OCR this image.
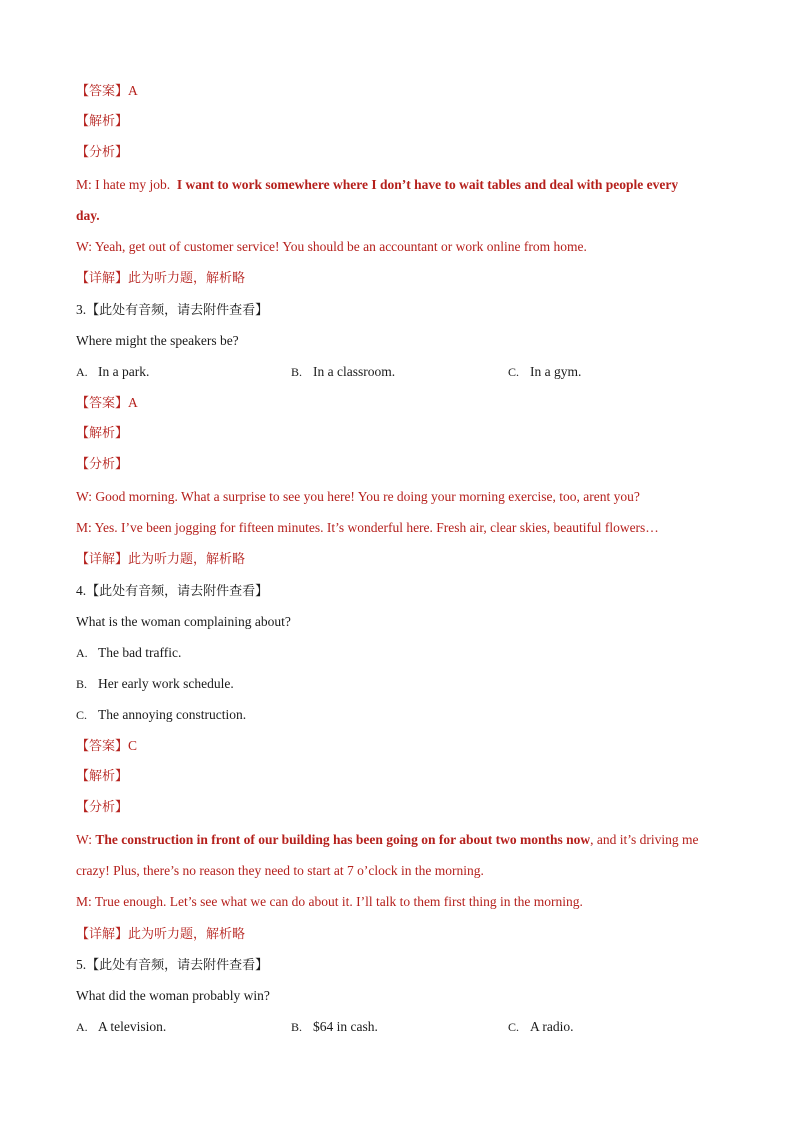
【答案】A
【解析】
【分析】
M: I hate my job. I want to work somewhere where I don’t have to wait tables and deal with people every
day.
W: Yeah, get out of customer service! You should be an accountant or work online from home.
【详解】此为听力题，解析略
3.【此处有音频，请去附件查看】
Where might the speakers be?
A. In a park.	B. In a classroom.	C. In a gym.
【答案】A
【解析】
【分析】
W: Good morning. What a surprise to see you here! You re doing your morning exercise, too, arent you?
M: Yes. I’ve been jogging for fifteen minutes. It’s wonderful here. Fresh air, clear skies, beautiful flowers…
【详解】此为听力题，解析略
4.【此处有音频，请去附件查看】
What is the woman complaining about?
A. The bad traffic.
B. Her early work schedule.
C. The annoying construction.
【答案】C
【解析】
【分析】
W: The construction in front of our building has been going on for about two months now, and it’s driving me
crazy! Plus, there’s no reason they need to start at 7 o’clock in the morning.
M: True enough. Let’s see what we can do about it. I’ll talk to them first thing in the morning.
【详解】此为听力题，解析略
5.【此处有音频，请去附件查看】
What did the woman probably win?
A. A television.	B. $64 in cash.	C. A radio.
